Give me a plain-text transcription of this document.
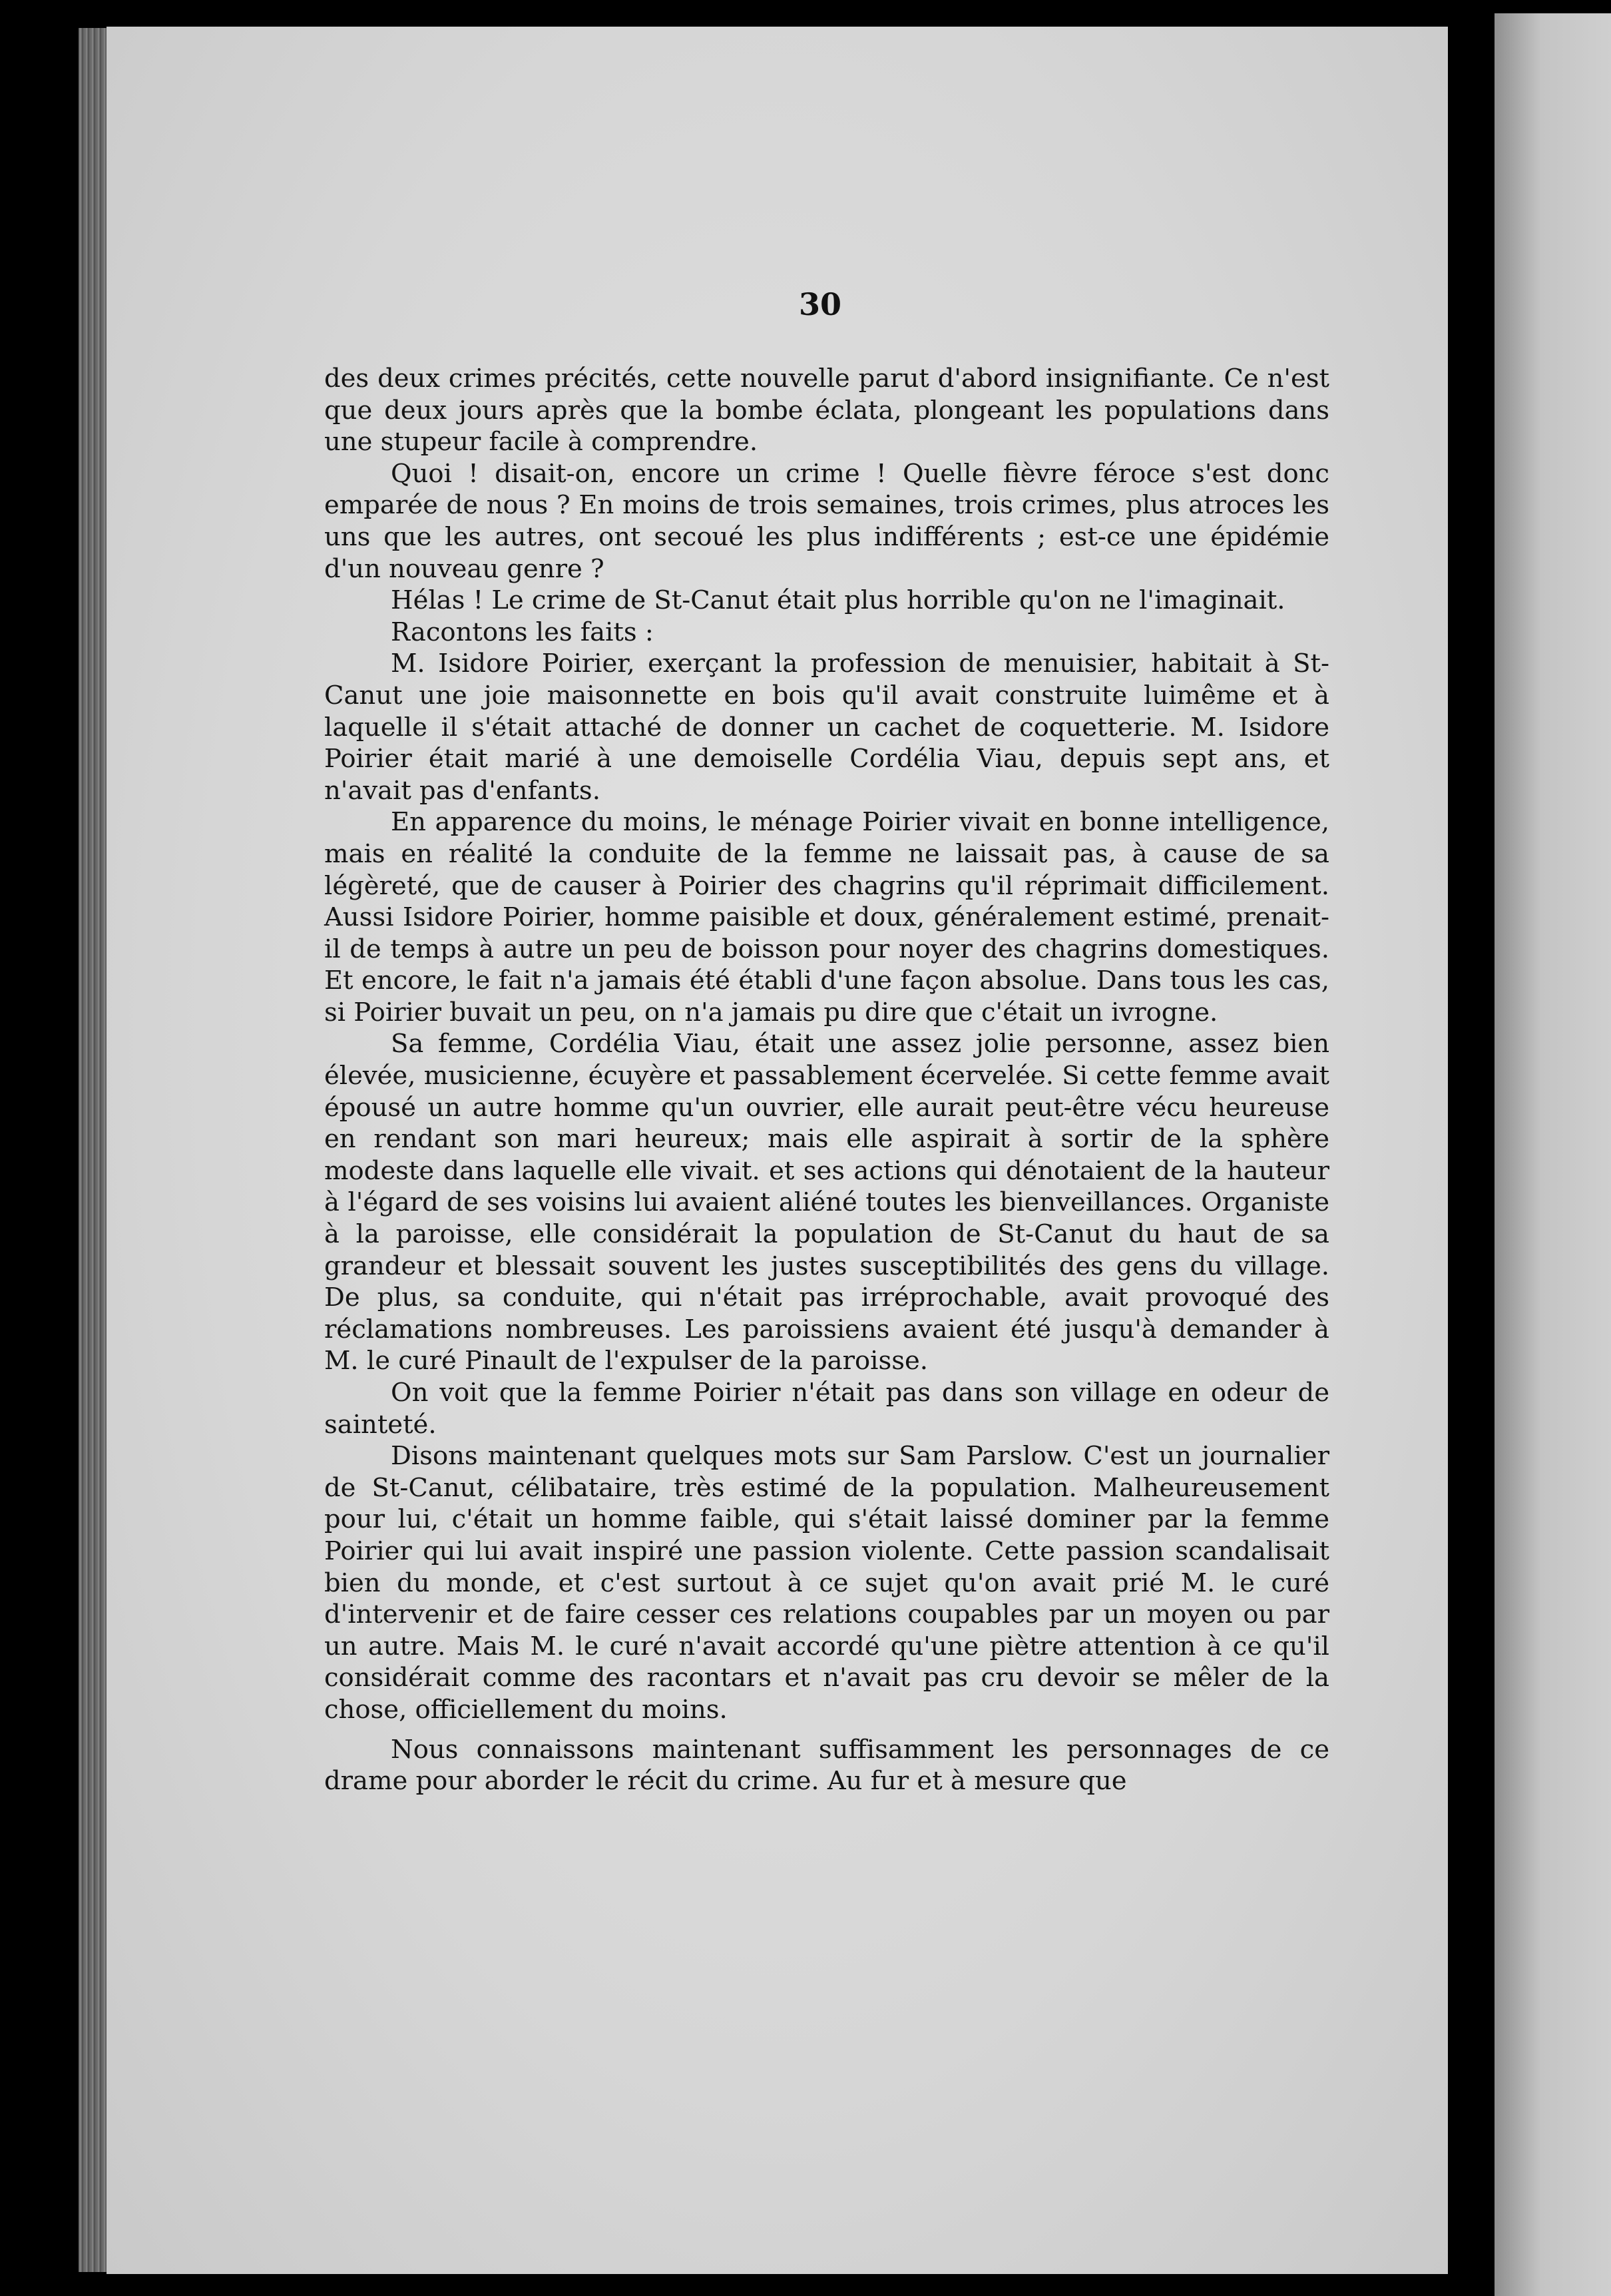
30

des deux crimes précités, cette nouvelle parut d'abord insignifiante. Ce n'est que deux jours après que la bombe éclata, plongeant les populations dans une stupeur facile à comprendre.

Quoi ! disait-on, encore un crime ! Quelle fièvre féroce s'est donc emparée de nous ? En moins de trois semaines, trois crimes, plus atroces les uns que les autres, ont secoué les plus indifférents ; est-ce une épidémie d'un nouveau genre ?

Hélas ! Le crime de St-Canut était plus horrible qu'on ne l'imaginait.

Racontons les faits :

M. Isidore Poirier, exerçant la profession de menuisier, habitait à St-Canut une joie maisonnette en bois qu'il avait construite luimême et à laquelle il s'était attaché de donner un cachet de coquetterie. M. Isidore Poirier était marié à une demoiselle Cordélia Viau, depuis sept ans, et n'avait pas d'enfants.

En apparence du moins, le ménage Poirier vivait en bonne intelligence, mais en réalité la conduite de la femme ne laissait pas, à cause de sa légèreté, que de causer à Poirier des chagrins qu'il réprimait difficilement. Aussi Isidore Poirier, homme paisible et doux, généralement estimé, prenait-il de temps à autre un peu de boisson pour noyer des chagrins domestiques. Et encore, le fait n'a jamais été établi d'une façon absolue. Dans tous les cas, si Poirier buvait un peu, on n'a jamais pu dire que c'était un ivrogne.

Sa femme, Cordélia Viau, était une assez jolie personne, assez bien élevée, musicienne, écuyère et passablement écervelée. Si cette femme avait épousé un autre homme qu'un ouvrier, elle aurait peut-être vécu heureuse en rendant son mari heureux; mais elle aspirait à sortir de la sphère modeste dans laquelle elle vivait. et ses actions qui dénotaient de la hauteur à l'égard de ses voisins lui avaient aliéné toutes les bienveillances. Organiste à la paroisse, elle considérait la population de St-Canut du haut de sa grandeur et blessait souvent les justes susceptibilités des gens du village. De plus, sa conduite, qui n'était pas irréprochable, avait provoqué des réclamations nombreuses. Les paroissiens avaient été jusqu'à demander à M. le curé Pinault de l'expulser de la paroisse.

On voit que la femme Poirier n'était pas dans son village en odeur de sainteté.

Disons maintenant quelques mots sur Sam Parslow. C'est un journalier de St-Canut, célibataire, très estimé de la population. Malheureusement pour lui, c'était un homme faible, qui s'était laissé dominer par la femme Poirier qui lui avait inspiré une passion violente. Cette passion scandalisait bien du monde, et c'est surtout à ce sujet qu'on avait prié M. le curé d'intervenir et de faire cesser ces relations coupables par un moyen ou par un autre. Mais M. le curé n'avait accordé qu'une piètre attention à ce qu'il considérait comme des racontars et n'avait pas cru devoir se mêler de la chose, officiellement du moins.

Nous connaissons maintenant suffisamment les personnages de ce drame pour aborder le récit du crime. Au fur et à mesure que
